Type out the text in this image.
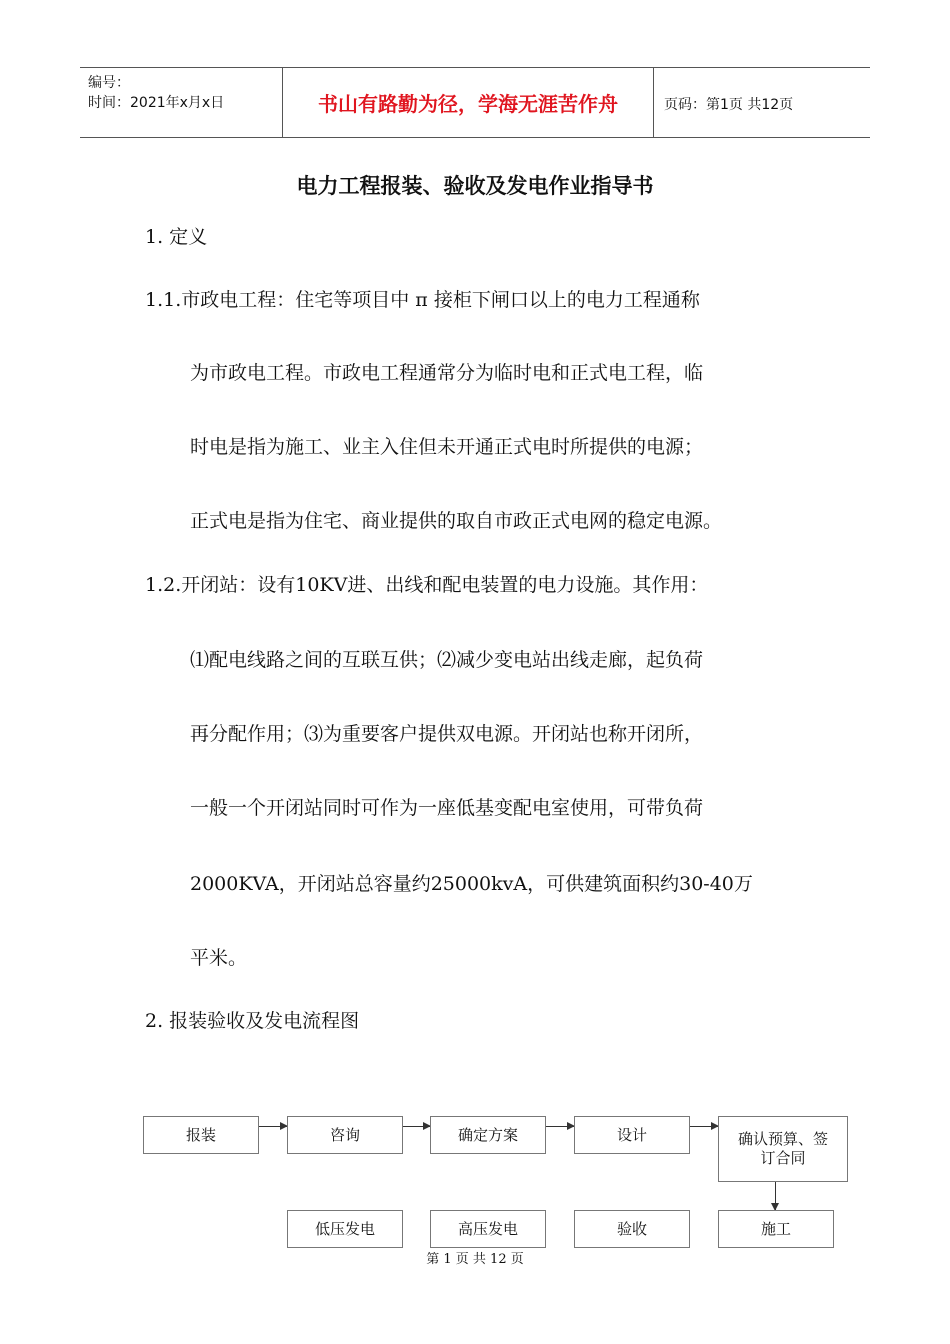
编号：
时间：2021年x月x日	书山有路勤为径，学海无涯苦作舟	页码：第1页 共12页
电力工程报装、验收及发电作业指导书
1. 定义
1.1.市政电工程：住宅等项目中 π 接柜下闸口以上的电力工程通称
为市政电工程。市政电工程通常分为临时电和正式电工程，临
时电是指为施工、业主入住但未开通正式电时所提供的电源；
正式电是指为住宅、商业提供的取自市政正式电网的稳定电源。
1.2.开闭站：设有10KV进、出线和配电装置的电力设施。其作用：
⑴配电线路之间的互联互供；⑵减少变电站出线走廊，起负荷
再分配作用；⑶为重要客户提供双电源。开闭站也称开闭所，
一般一个开闭站同时可作为一座低基变配电室使用，可带负荷
2000KVA，开闭站总容量约25000kvA，可供建筑面积约30-40万
平米。
2. 报装验收及发电流程图
报装	咨询	确定方案	设计	确认预算、签订合同
低压发电	高压发电	验收	施工
第 1 页 共 12 页
